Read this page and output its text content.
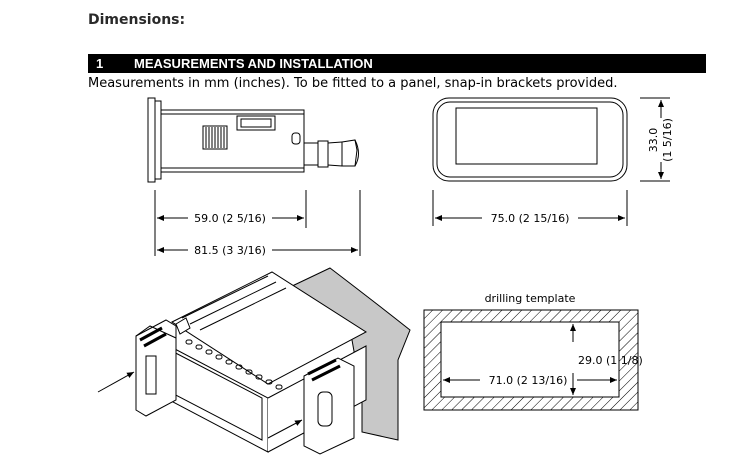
Dimensions:
1 MEASUREMENTS AND INSTALLATION
Measurements in mm (inches). To be fitted to a panel, snap-in brackets provided.
59.0 (2 5/16)
81.5 (3 3/16)
75.0 (2 15/16)
33.0 (1 5/16)
drilling template
29.0 (1 1/8)
71.0 (2 13/16)
